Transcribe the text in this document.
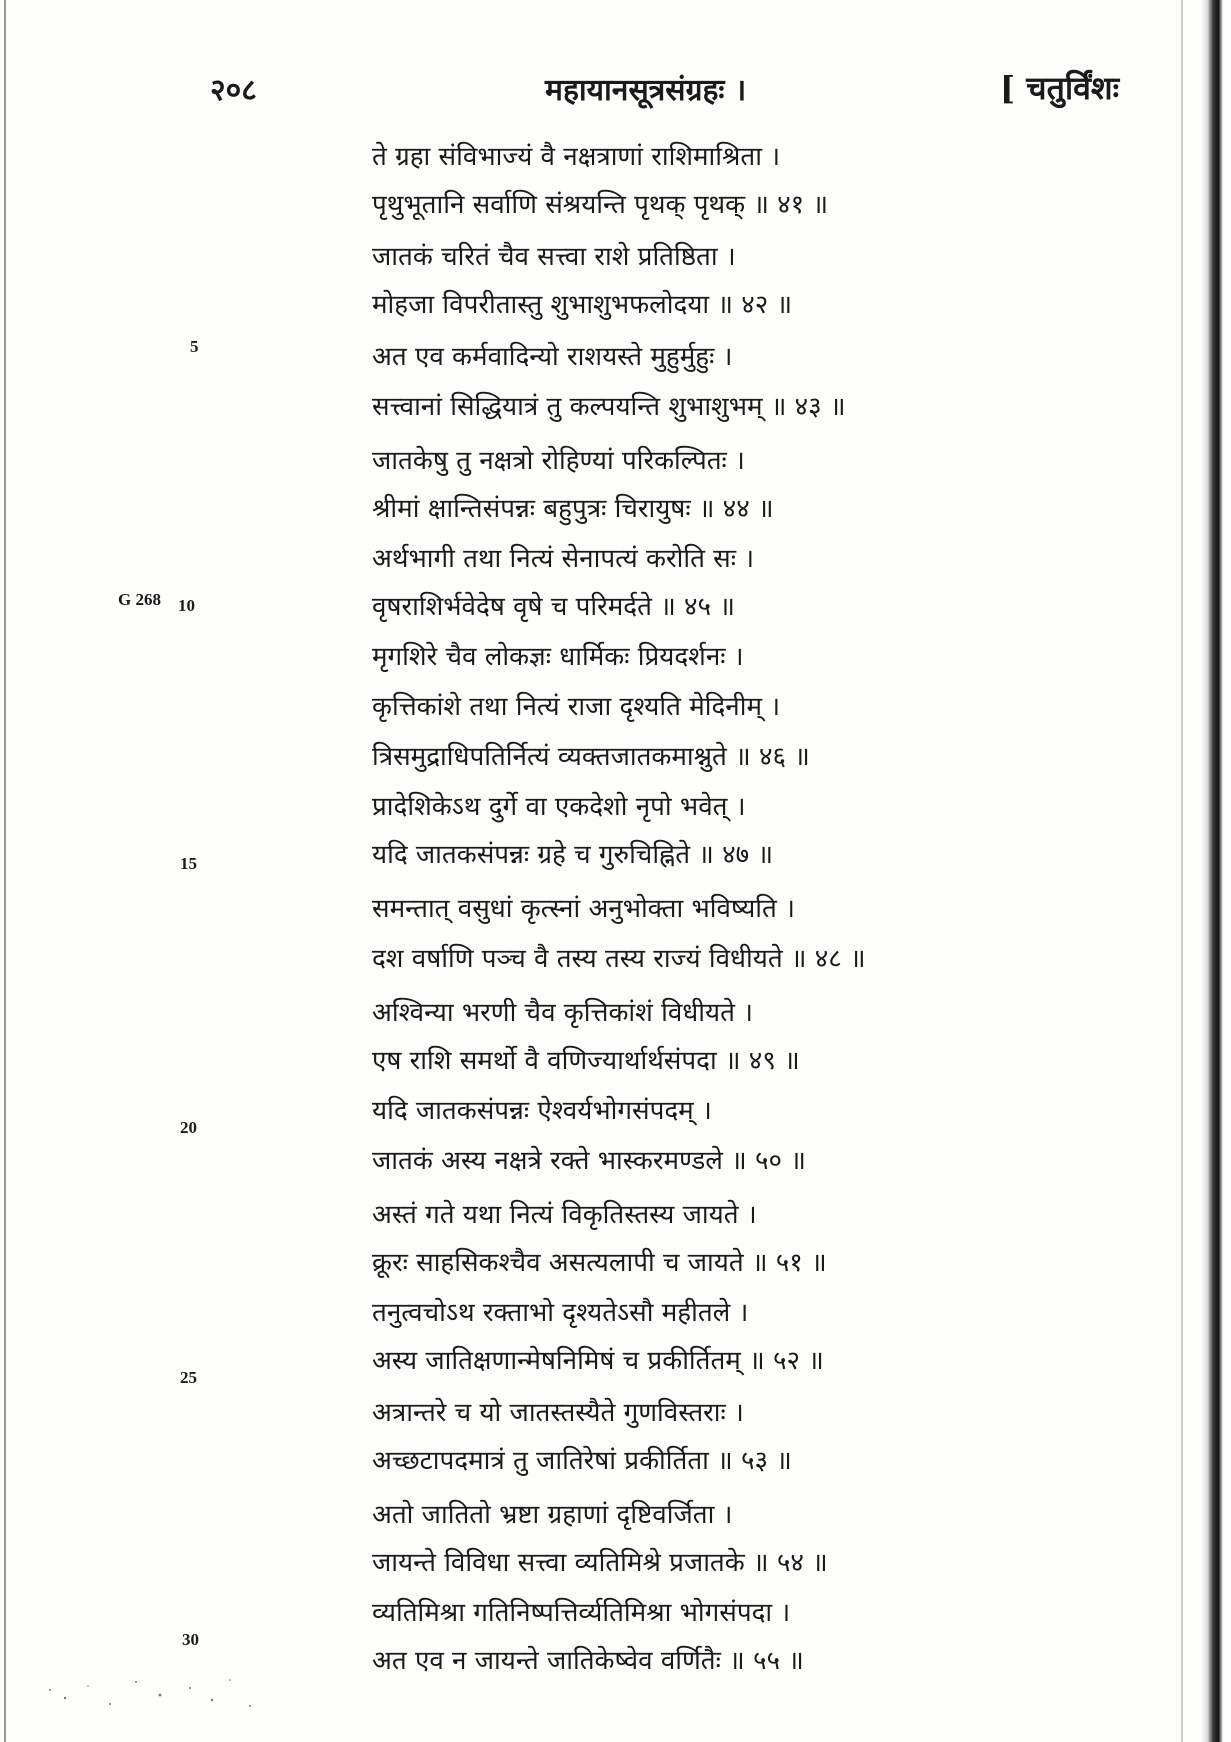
२०८	महायानसूत्रसंग्रहः ।	[ चतुर्विंशः
5
G 268 10
15
20
25
30
ते ग्रहा संविभाज्यं वै नक्षत्राणां राशिमाश्रिता ।
पृथुभूतानि सर्वाणि संश्रयन्ति पृथक् पृथक् ॥ ४१ ॥
जातकं चरितं चैव सत्त्वा राशे प्रतिष्ठिता ।
मोहजा विपरीतास्तु शुभाशुभफलोदया ॥ ४२ ॥
अत एव कर्मवादिन्यो राशयस्ते मुहुर्मुहुः ।
सत्त्वानां सिद्धियात्रं तु कल्पयन्ति शुभाशुभम् ॥ ४३ ॥
जातकेषु तु नक्षत्रो रोहिण्यां परिकल्पितः ।
श्रीमां क्षान्तिसंपन्नः बहुपुत्रः चिरायुषः ॥ ४४ ॥
अर्थभागी तथा नित्यं सेनापत्यं करोति सः ।
वृषराशिर्भवेदेष वृषे च परिमर्दते ॥ ४५ ॥
मृगशिरे चैव लोकज्ञः धार्मिकः प्रियदर्शनः ।
कृत्तिकांशे तथा नित्यं राजा दृश्यति मेदिनीम् ।
त्रिसमुद्राधिपतिर्नित्यं व्यक्तजातकमाश्नुते ॥ ४६ ॥
प्रादेशिकेऽथ दुर्गे वा एकदेशो नृपो भवेत् ।
यदि जातकसंपन्नः ग्रहे च गुरुचिह्निते ॥ ४७ ॥
समन्तात् वसुधां कृत्स्नां अनुभोक्ता भविष्यति ।
दश वर्षाणि पञ्च वै तस्य तस्य राज्यं विधीयते ॥ ४८ ॥
अश्विन्या भरणी चैव कृत्तिकांशं विधीयते ।
एष राशि समर्थो वै वणिज्यार्थार्थसंपदा ॥ ४९ ॥
यदि जातकसंपन्नः ऐश्वर्यभोगसंपदम् ।
जातकं अस्य नक्षत्रे रक्ते भास्करमण्डले ॥ ५० ॥
अस्तं गते यथा नित्यं विकृतिस्तस्य जायते ।
क्रूरः साहसिकश्चैव असत्यलापी च जायते ॥ ५१ ॥
तनुत्वचोऽथ रक्ताभो दृश्यतेऽसौ महीतले ।
अस्य जातिक्षणान्मेषनिमिषं च प्रकीर्तितम् ॥ ५२ ॥
अत्रान्तरे च यो जातस्तस्यैते गुणविस्तराः ।
अच्छटापदमात्रं तु जातिरेषां प्रकीर्तिता ॥ ५३ ॥
अतो जातितो भ्रष्टा ग्रहाणां दृष्टिवर्जिता ।
जायन्ते विविधा सत्त्वा व्यतिमिश्रे प्रजातके ॥ ५४ ॥
व्यतिमिश्रा गतिनिष्पत्तिर्व्यतिमिश्रा भोगसंपदा ।
अत एव न जायन्ते जातिकेष्वेव वर्णितैः ॥ ५५ ॥
